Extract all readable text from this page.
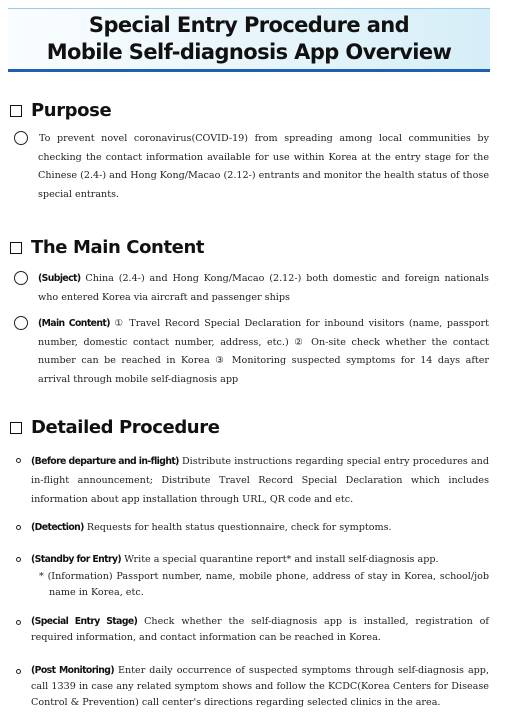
Special Entry Procedure and
Mobile Self-diagnosis App Overview
Purpose
To prevent novel coronavirus(COVID-19) from spreading among local communities by checking the contact information available for use within Korea at the entry stage for the Chinese (2.4-) and Hong Kong/Macao (2.12-) entrants and monitor the health status of those special entrants.
The Main Content
(Subject) China (2.4-) and Hong Kong/Macao (2.12-) both domestic and foreign nationals who entered Korea via aircraft and passenger ships
(Main Content) ① Travel Record Special Declaration for inbound visitors (name, passport number, domestic contact number, address, etc.) ② On-site check whether the contact number can be reached in Korea ③ Monitoring suspected symptoms for 14 days after arrival through mobile self-diagnosis app
Detailed Procedure
(Before departure and in-flight) Distribute instructions regarding special entry procedures and in-flight announcement; Distribute Travel Record Special Declaration which includes information about app installation through URL, QR code and etc.
(Detection) Requests for health status questionnaire, check for symptoms.
(Standby for Entry) Write a special quarantine report* and install self-diagnosis app.
* (Information) Passport number, name, mobile phone, address of stay in Korea, school/job name in Korea, etc.
(Special Entry Stage) Check whether the self-diagnosis app is installed, registration of required information, and contact information can be reached in Korea.
(Post Monitoring) Enter daily occurrence of suspected symptoms through self-diagnosis app, call 1339 in case any related symptom shows and follow the KCDC(Korea Centers for Disease Control & Prevention) call center's directions regarding selected clinics in the area.
